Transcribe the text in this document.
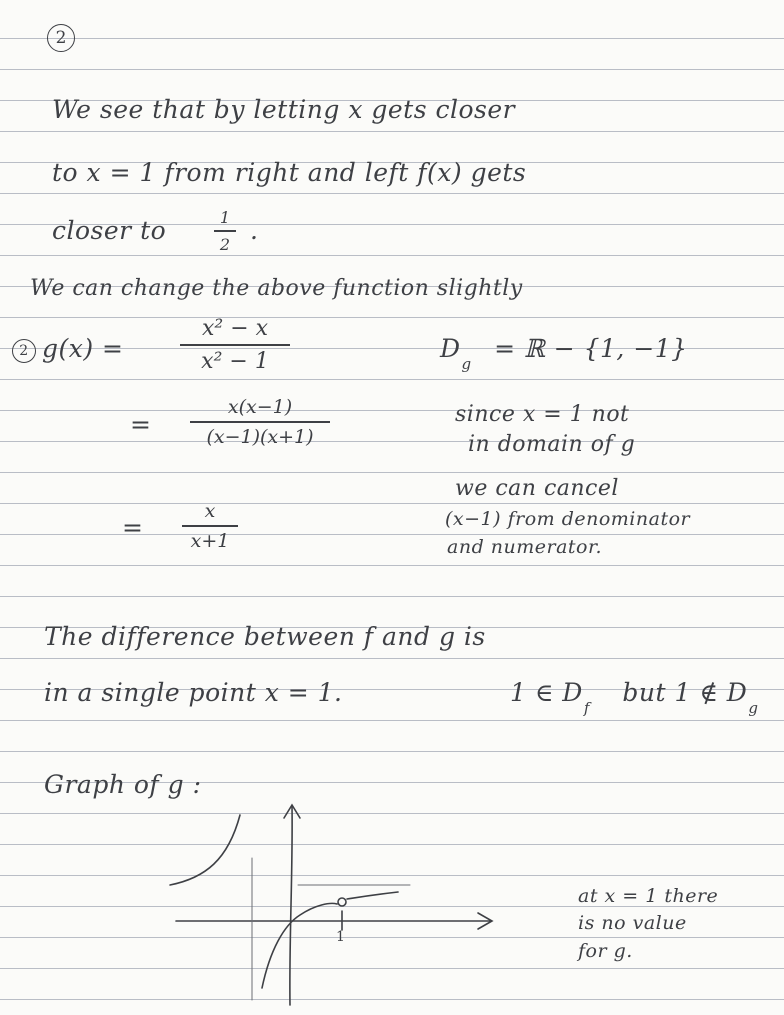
2
We see that by letting x gets closer
to x = 1 from right and left f(x) gets
closer to	1
2 .
We can change the above function slightly
2 g(x) =
x² − x
x² − 1	$D_g$ = ℝ − {1, −1}
=
x(x−1)
(x−1)(x+1)
since x = 1 not
in domain of g
we can cancel
=
x
x+1
(x−1) from denominator
and numerator.
The difference between f and g is
in a single point x = 1.	1 ∈ $D_f$ but 1 ∉ $D_g$
Graph of g :
1
at x = 1 there
is no value
for g.
